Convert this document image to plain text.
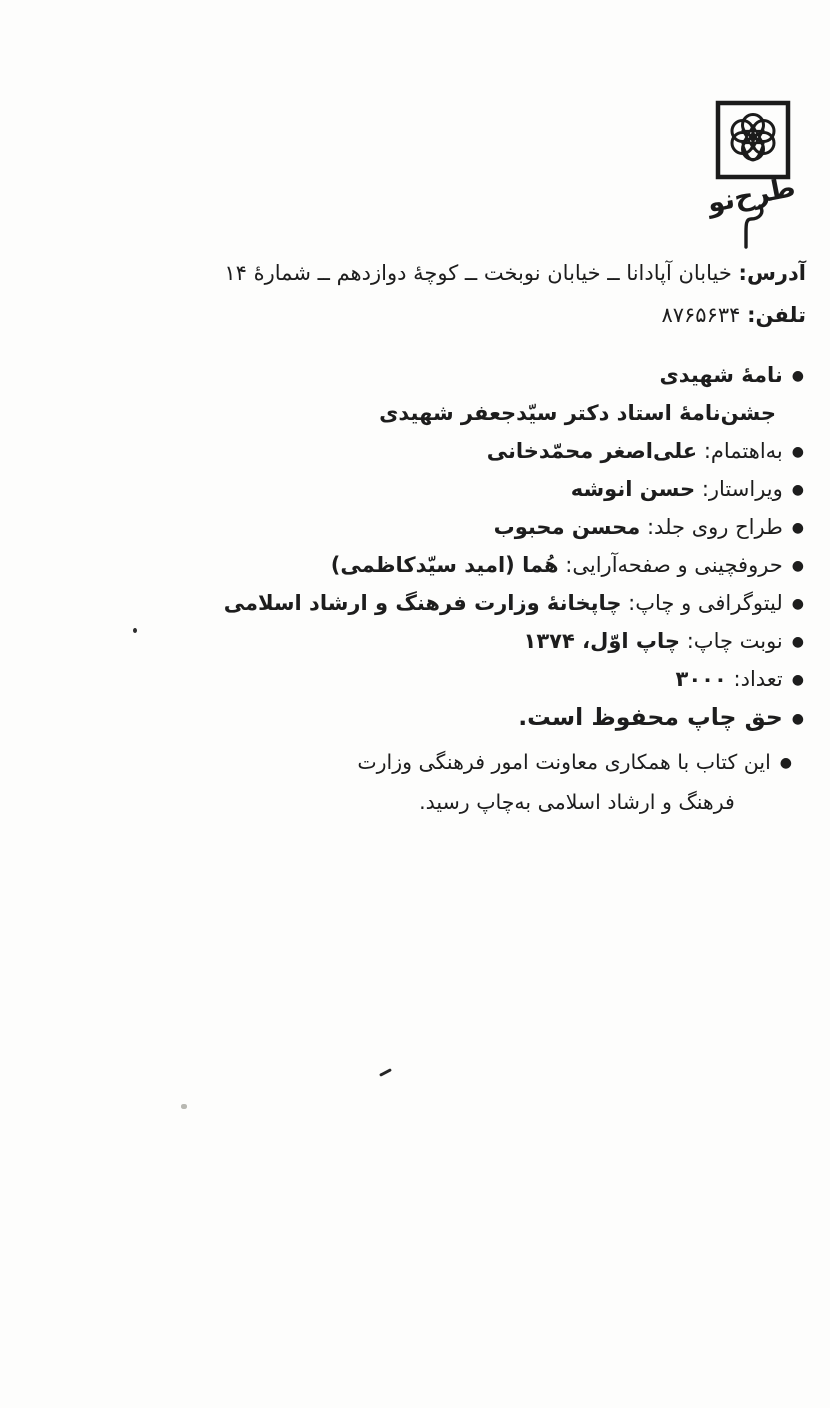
طرح‌نو
آدرس: خیابان آپادانا ــ خیابان نوبخت ــ کوچهٔ دوازدهم ــ شمارهٔ ۱۴
تلفن: ۸۷۶۵۶۳۴
●نامهٔ شهیدی
جشن‌نامهٔ استاد دکتر سیّدجعفر شهیدی
●به‌اهتمام: علی‌اصغر محمّدخانی
●ویراستار: حسن انوشه
●طراح روی جلد: محسن محبوب
●حروفچینی و صفحه‌آرایی: هُما (امید سیّدکاظمی)
●لیتوگرافی و چاپ: چاپخانهٔ وزارت فرهنگ و ارشاد اسلامی
●نوبت چاپ: چاپ اوّل، ۱۳۷۴
●تعداد: ۳۰۰۰
●حق چاپ محفوظ است.
●این کتاب با همکاری معاونت امور فرهنگی وزارت
فرهنگ و ارشاد اسلامی به‌چاپ رسید.
